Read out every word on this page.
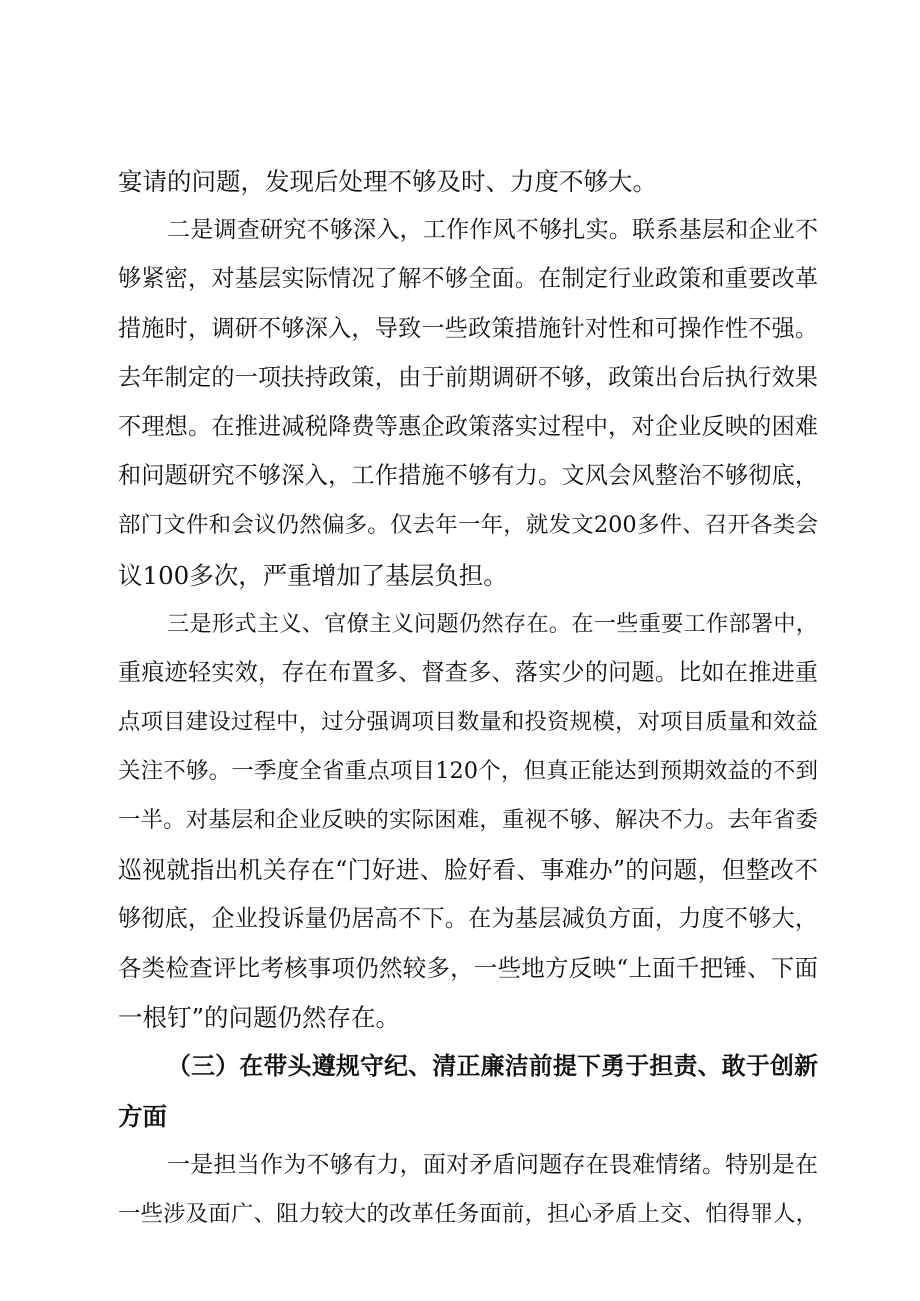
宴请的问题，发现后处理不够及时、力度不够大。
二是调查研究不够深入，工作作风不够扎实。联系基层和企业不
够紧密，对基层实际情况了解不够全面。在制定行业政策和重要改革
措施时，调研不够深入，导致一些政策措施针对性和可操作性不强。
去年制定的一项扶持政策，由于前期调研不够，政策出台后执行效果
不理想。在推进减税降费等惠企政策落实过程中，对企业反映的困难
和问题研究不够深入，工作措施不够有力。文风会风整治不够彻底，
部门文件和会议仍然偏多。仅去年一年，就发文200多件、召开各类会
议100多次，严重增加了基层负担。
三是形式主义、官僚主义问题仍然存在。在一些重要工作部署中，
重痕迹轻实效，存在布置多、督查多、落实少的问题。比如在推进重
点项目建设过程中，过分强调项目数量和投资规模，对项目质量和效益
关注不够。一季度全省重点项目120个，但真正能达到预期效益的不到
一半。对基层和企业反映的实际困难，重视不够、解决不力。去年省委
巡视就指出机关存在“门好进、脸好看、事难办”的问题，但整改不
够彻底，企业投诉量仍居高不下。在为基层减负方面，力度不够大，
各类检查评比考核事项仍然较多，一些地方反映“上面千把锤、下面
一根钉”的问题仍然存在。
（三）在带头遵规守纪、清正廉洁前提下勇于担责、敢于创新
方面
一是担当作为不够有力，面对矛盾问题存在畏难情绪。特别是在
一些涉及面广、阻力较大的改革任务面前，担心矛盾上交、怕得罪人，
